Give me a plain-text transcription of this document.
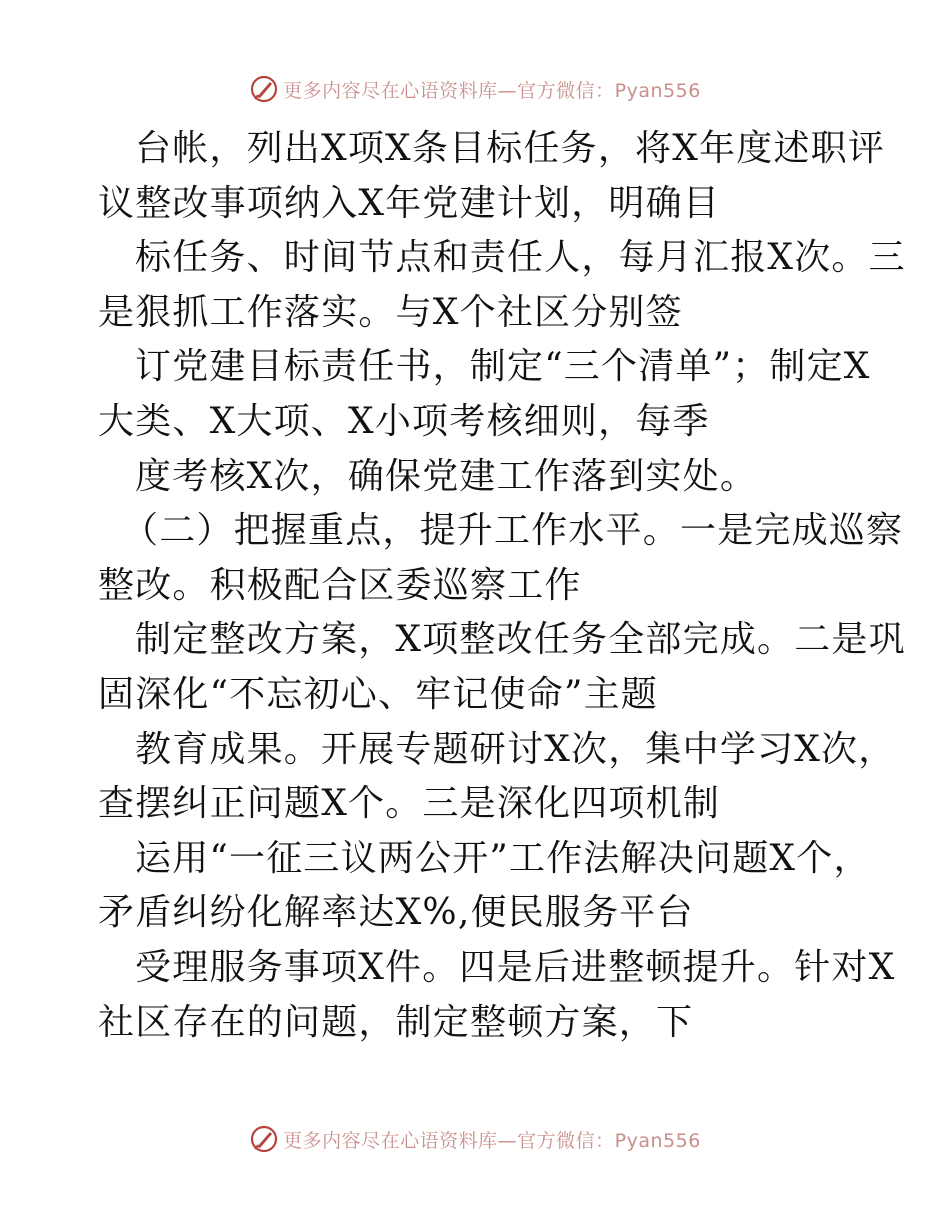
更多内容尽在心语资料库—官方微信：Pyan556
台帐，列出X项X条目标任务，将X年度述职评
议整改事项纳入X年党建计划，明确目
标任务、时间节点和责任人，每月汇报X次。三
是狠抓工作落实。与X个社区分别签
订党建目标责任书，制定“三个清单”；制定X
大类、X大项、X小项考核细则，每季
度考核X次，确保党建工作落到实处。
（二）把握重点，提升工作水平。一是完成巡察
整改。积极配合区委巡察工作
制定整改方案，X项整改任务全部完成。二是巩
固深化“不忘初心、牢记使命”主题
教育成果。开展专题研讨X次，集中学习X次，
查摆纠正问题X个。三是深化四项机制
运用“一征三议两公开”工作法解决问题X个，
矛盾纠纷化解率达X%,便民服务平台
受理服务事项X件。四是后进整顿提升。针对X
社区存在的问题，制定整顿方案，下
更多内容尽在心语资料库—官方微信：Pyan556
